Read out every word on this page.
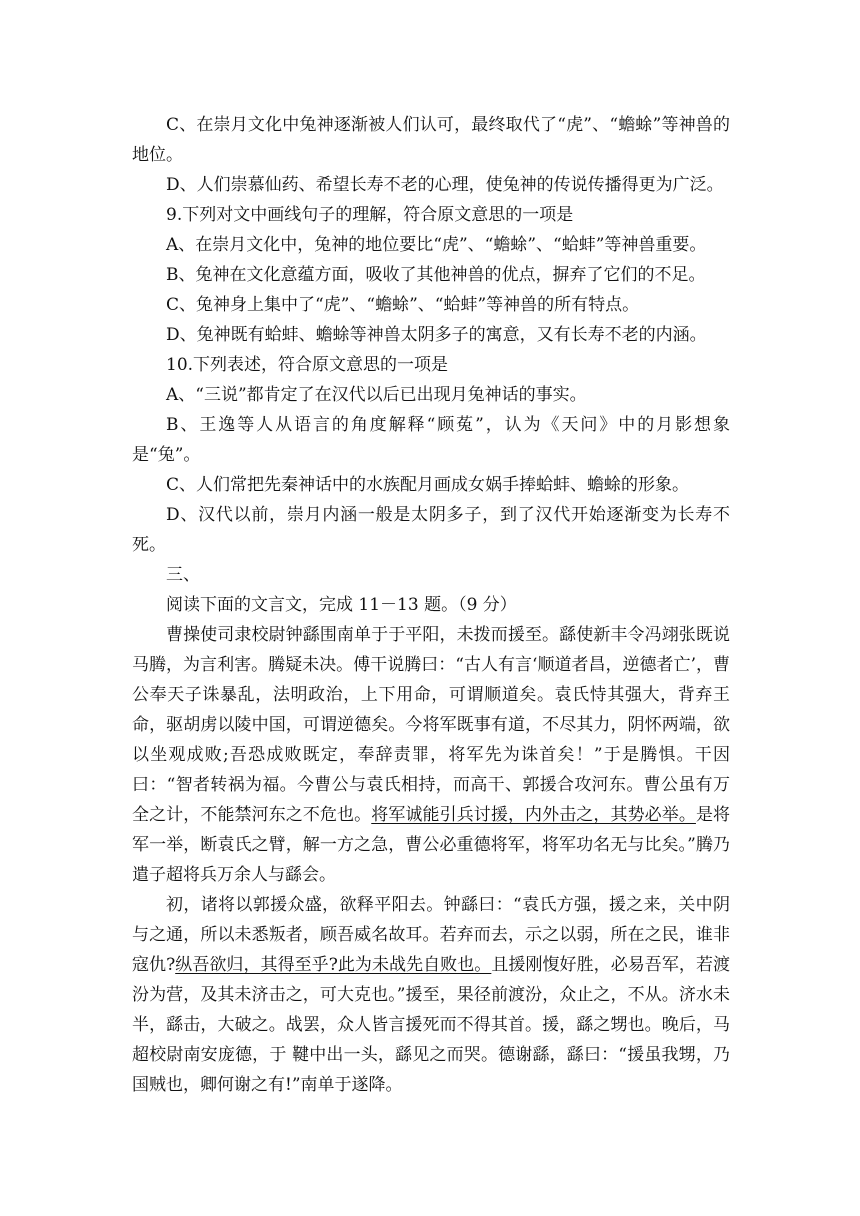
C、在崇月文化中兔神逐渐被人们认可，最终取代了“虎”、“蟾蜍”等神兽的地位。

D、人们崇慕仙药、希望长寿不老的心理，使兔神的传说传播得更为广泛。

9.下列对文中画线句子的理解，符合原文意思的一项是

A、在崇月文化中，兔神的地位要比“虎”、“蟾蜍”、“蛤蚌”等神兽重要。

B、兔神在文化意蕴方面，吸收了其他神兽的优点，摒弃了它们的不足。

C、兔神身上集中了“虎”、“蟾蜍”、“蛤蚌”等神兽的所有特点。

D、兔神既有蛤蚌、蟾蜍等神兽太阴多子的寓意，又有长寿不老的内涵。

10.下列表述，符合原文意思的一项是

A、“三说”都肯定了在汉代以后已出现月兔神话的事实。

B、王逸等人从语言的角度解释“顾菟”，认为《天问》中的月影想象是“兔”。

C、人们常把先秦神话中的水族配月画成女娲手捧蛤蚌、蟾蜍的形象。

D、汉代以前，崇月内涵一般是太阴多子，到了汉代开始逐渐变为长寿不死。

三、

阅读下面的文言文，完成 11－13 题。（9 分）

曹操使司隶校尉钟繇围南单于于平阳，未拨而援至。繇使新丰令冯翊张既说马腾，为言利害。腾疑未决。傅干说腾曰：“古人有言‘顺道者昌，逆德者亡’，曹公奉天子诛暴乱，法明政治，上下用命，可谓顺道矣。袁氏恃其强大，背弃王命，驱胡虏以陵中国，可谓逆德矣。今将军既事有道，不尽其力，阴怀两端，欲以坐观成败;吾恐成败既定，奉辞责罪，将军先为诛首矣！”于是腾惧。干因曰：“智者转祸为福。今曹公与袁氏相持，而高干、郭援合攻河东。曹公虽有万全之计，不能禁河东之不危也。将军诚能引兵讨援，内外击之，其势必举。是将军一举，断袁氏之臂，解一方之急，曹公必重德将军，将军功名无与比矣。”腾乃遣子超将兵万余人与繇会。

初，诸将以郭援众盛，欲释平阳去。钟繇曰：“袁氏方强，援之来，关中阴与之通，所以未悉叛者，顾吾威名故耳。若弃而去，示之以弱，所在之民，谁非寇仇?纵吾欲归，其得至乎?此为未战先自败也。且援刚愎好胜，必易吾军，若渡汾为营，及其未济击之，可大克也。”援至，果径前渡汾，众止之，不从。济水未半，繇击，大破之。战罢，众人皆言援死而不得其首。援，繇之甥也。晚后，马超校尉南安庞德，于 鞬中出一头，繇见之而哭。德谢繇，繇曰：“援虽我甥，乃国贼也，卿何谢之有!”南单于遂降。
